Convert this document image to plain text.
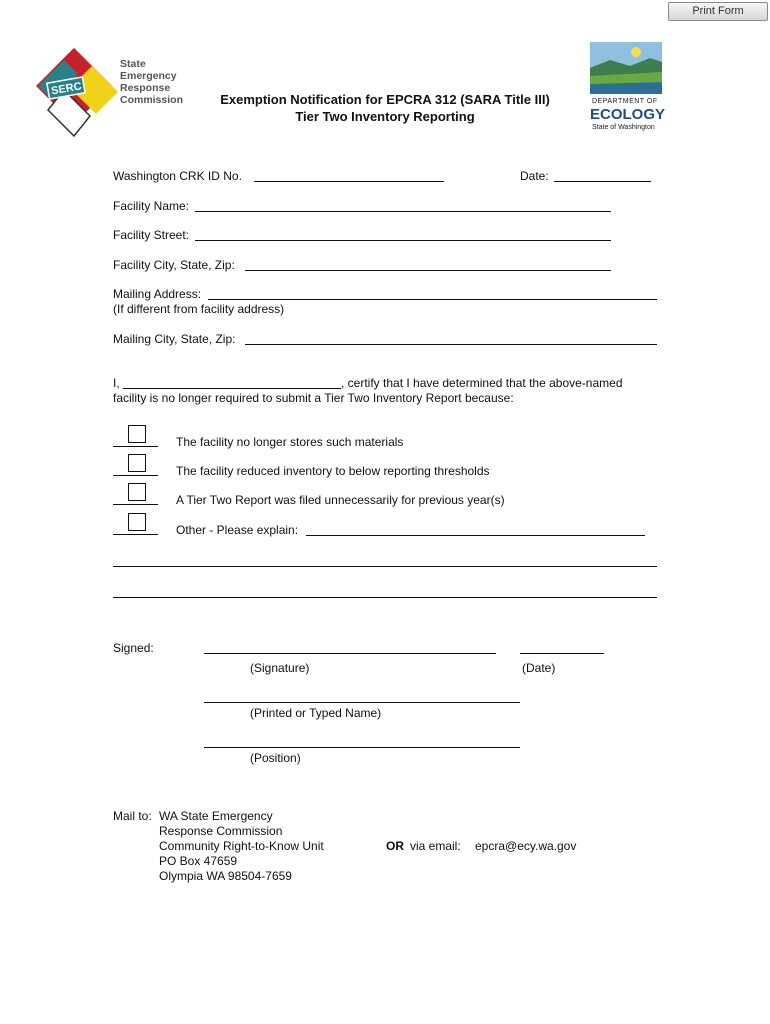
Print Form
SERC
State
Emergency
Response
Commission	DEPARTMENT OF
ECOLOGY
State of Washington
Exemption Notification for EPCRA 312 (SARA Title III)
Tier Two Inventory Reporting
Washington CRK ID No.	Date:
Facility Name:
Facility Street:
Facility City, State, Zip:
Mailing Address:
(If different from facility address)
Mailing City, State, Zip:
I,	, certify that I have determined that the above-named
facility is no longer required to submit a Tier Two Inventory Report because:
The facility no longer stores such materials
The facility reduced inventory to below reporting thresholds
A Tier Two Report was filed unnecessarily for previous year(s)
Other - Please explain:
Signed:
(Signature)	(Date)
(Printed or Typed Name)
(Position)
Mail to: WA State Emergency
Response Commission
Community Right-to-Know Unit
PO Box 47659
Olympia WA 98504-7659
OR via email: epcra@ecy.wa.gov
